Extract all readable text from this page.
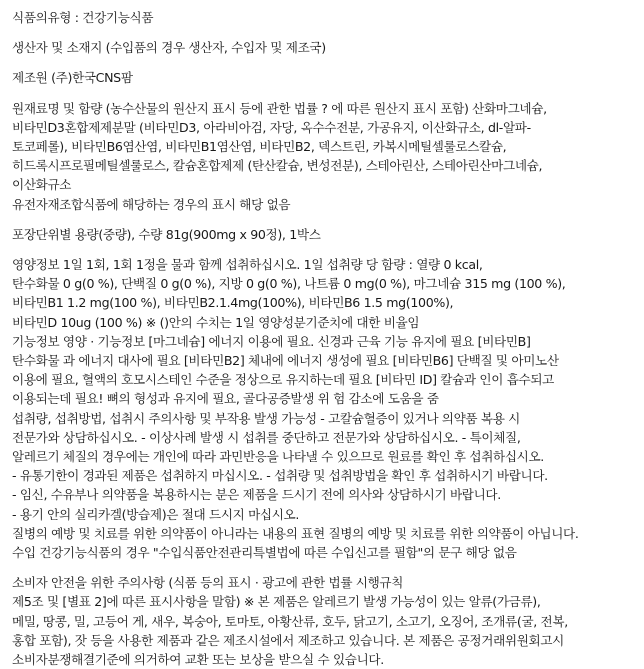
식품의유형 : 건강기능식품
생산자 및 소재지 (수입품의 경우 생산자, 수입자 및 제조국)
제조원 (주)한국CNS팜
원재료명 및 함량 (농수산물의 원산지 표시 등에 관한 법률 ? 에 따른 원산지 표시 포함) 산화마그네슘,
비타민D3혼합제제분말 (비타민D3, 아라비아검, 자당, 옥수수전분, 가공유지, 이산화규소, dl-알파-
토코페롤), 비타민B6염산염, 비타민B1염산염, 비타민B2, 덱스트린, 카복시메틸셀룰로스칼슘,
히드록시프로필메틸셀룰로스, 칼슘혼합제제 (탄산칼슘, 변성전분), 스테아린산, 스테아린산마그네슘,
이산화규소
유전자재조합식품에 해당하는 경우의 표시 해당 없음
포장단위별 용량(중량), 수량 81g(900mg x 90정), 1박스
영양정보 1일 1회, 1회 1정을 물과 함께 섭취하십시오. 1일 섭취량 당 함량 : 열량 0 kcal,
탄수화물 0 g(0 %), 단백질 0 g(0 %), 지방 0 g(0 %), 나트륨 0 mg(0 %), 마그네슘 315 mg (100 %),
비타민B1 1.2 mg(100 %), 비타민B2.1.4mg(100%), 비타민B6 1.5 mg(100%),
비타민D 10ug (100 %) ※ ()안의 수치는 1일 영양성분기준치에 대한 비율임
기능정보 영양 · 기능정보 [마그네슘] 에너지 이용에 필요. 신경과 근육 기능 유지에 필요 [비타민B]
탄수화물 과 에너지 대사에 필요 [비타민B2] 체내에 에너지 생성에 필요 [비타민B6] 단백질 및 아미노산
이용에 필요, 혈액의 호모시스테인 수준을 정상으로 유지하는데 필요 [비타민 ID] 칼슘과 인이 흡수되고
이용되는데 필요! 뼈의 형성과 유지에 필요, 골다공증발생 위 험 감소에 도움을 줌
섭취량, 섭취방법, 섭취시 주의사항 및 부작용 발생 가능성 - 고칼슘혈증이 있거나 의약품 복용 시
전문가와 상담하십시오. - 이상사례 발생 시 섭취를 중단하고 전문가와 상담하십시오. - 특이체질,
알레르기 체질의 경우에는 개인에 따라 과민반응을 나타낼 수 있으므로 원료를 확인 후 섭취하십시오.
- 유통기한이 경과된 제품은 섭취하지 마십시오. - 섭취량 및 섭취방법을 확인 후 섭취하시기 바랍니다.
- 임신, 수유부나 의약품을 복용하시는 분은 제품을 드시기 전에 의사와 상담하시기 바랍니다.
- 용기 안의 실리카겔(방습제)은 절대 드시지 마십시오.
질병의 예방 및 치료를 위한 의약품이 아니라는 내용의 표현 질병의 예방 및 치료를 위한 의약품이 아닙니다.
수입 건강기능식품의 경우 "수입식품안전관리특별법에 따른 수입신고를 필함"의 문구 해당 없음
소비자 안전을 위한 주의사항 (식품 등의 표시 · 광고에 관한 법률 시행규칙
제5조 및 [별표 2]에 따른 표시사항을 말함) ※ 본 제품은 알레르기 발생 가능성이 있는 알류(가금류),
메밀, 땅콩, 밀, 고등어 게, 새우, 복숭아, 토마토, 아황산류, 호두, 닭고기, 소고기, 오징어, 조개류(굴, 전복,
홍합 포함), 잣 등을 사용한 제품과 같은 제조시설에서 제조하고 있습니다. 본 제품은 공정거래위원회고시
소비자분쟁해결기준에 의거하여 교환 또는 보상을 받으실 수 있습니다.
